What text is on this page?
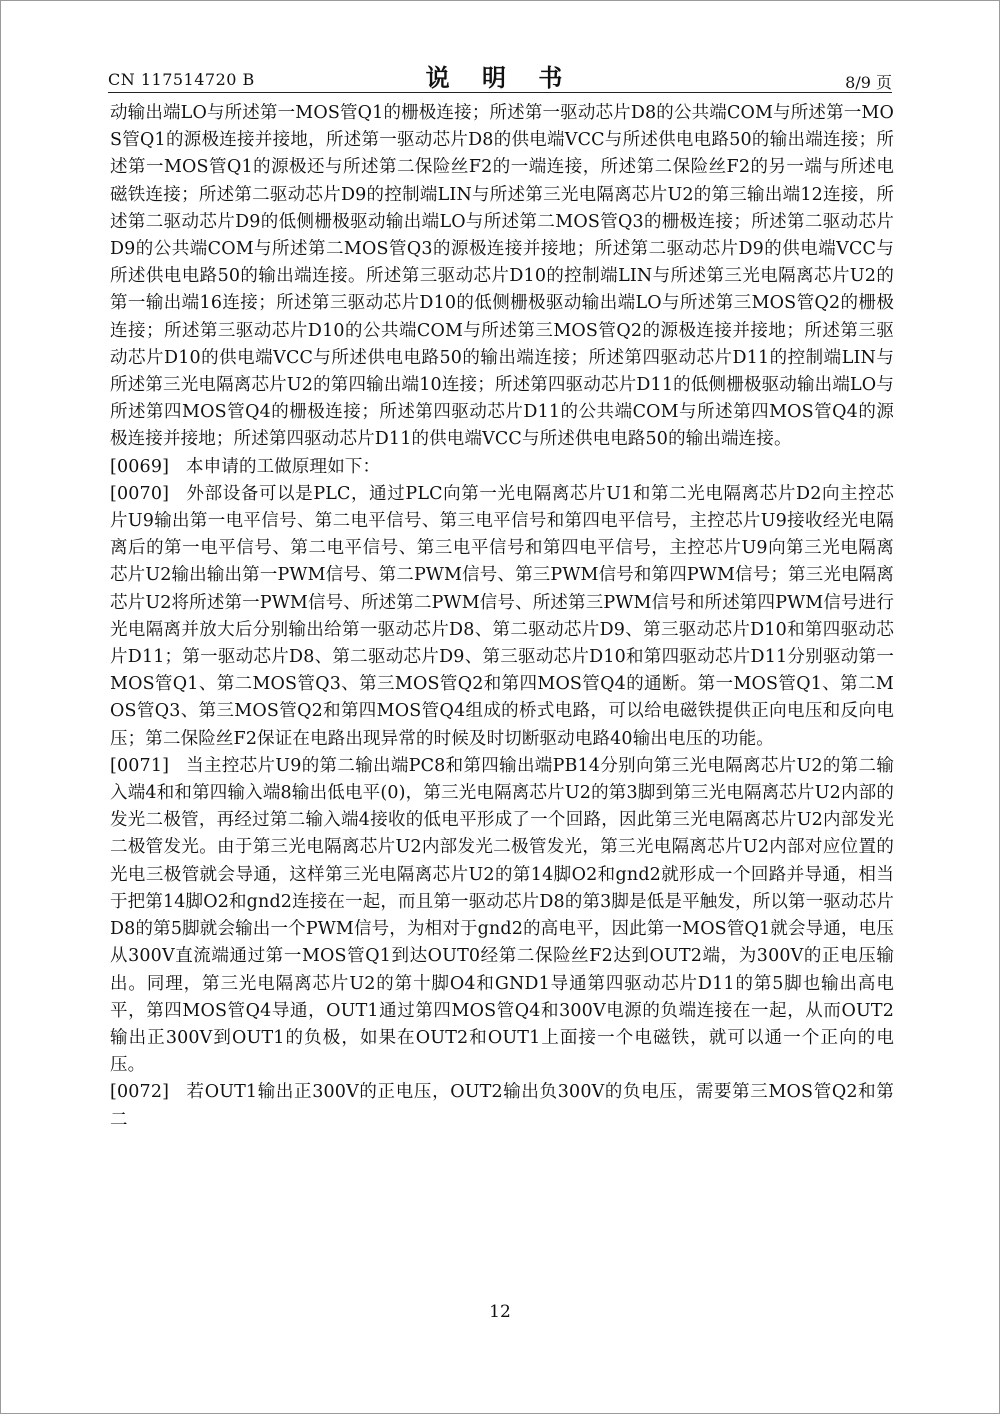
CN 117514720 B	说 明 书	8/9 页

动输出端LO与所述第一MOS管Q1的栅极连接；所述第一驱动芯片D8的公共端COM与所述第一MOS管Q1的源极连接并接地，所述第一驱动芯片D8的供电端VCC与所述供电电路50的输出端连接；所述第一MOS管Q1的源极还与所述第二保险丝F2的一端连接，所述第二保险丝F2的另一端与所述电磁铁连接；所述第二驱动芯片D9的控制端LIN与所述第三光电隔离芯片U2的第三输出端12连接，所述第二驱动芯片D9的低侧栅极驱动输出端LO与所述第二MOS管Q3的栅极连接；所述第二驱动芯片D9的公共端COM与所述第二MOS管Q3的源极连接并接地；所述第二驱动芯片D9的供电端VCC与所述供电电路50的输出端连接。所述第三驱动芯片D10的控制端LIN与所述第三光电隔离芯片U2的第一输出端16连接；所述第三驱动芯片D10的低侧栅极驱动输出端LO与所述第三MOS管Q2的栅极连接；所述第三驱动芯片D10的公共端COM与所述第三MOS管Q2的源极连接并接地；所述第三驱动芯片D10的供电端VCC与所述供电电路50的输出端连接；所述第四驱动芯片D11的控制端LIN与所述第三光电隔离芯片U2的第四输出端10连接；所述第四驱动芯片D11的低侧栅极驱动输出端LO与所述第四MOS管Q4的栅极连接；所述第四驱动芯片D11的公共端COM与所述第四MOS管Q4的源极连接并接地；所述第四驱动芯片D11的供电端VCC与所述供电电路50的输出端连接。

[0069] 本申请的工做原理如下：

[0070] 外部设备可以是PLC，通过PLC向第一光电隔离芯片U1和第二光电隔离芯片D2向主控芯片U9输出第一电平信号、第二电平信号、第三电平信号和第四电平信号，主控芯片U9接收经光电隔离后的第一电平信号、第二电平信号、第三电平信号和第四电平信号，主控芯片U9向第三光电隔离芯片U2输出输出第一PWM信号、第二PWM信号、第三PWM信号和第四PWM信号；第三光电隔离芯片U2将所述第一PWM信号、所述第二PWM信号、所述第三PWM信号和所述第四PWM信号进行光电隔离并放大后分别输出给第一驱动芯片D8、第二驱动芯片D9、第三驱动芯片D10和第四驱动芯片D11；第一驱动芯片D8、第二驱动芯片D9、第三驱动芯片D10和第四驱动芯片D11分别驱动第一MOS管Q1、第二MOS管Q3、第三MOS管Q2和第四MOS管Q4的通断。第一MOS管Q1、第二MOS管Q3、第三MOS管Q2和第四MOS管Q4组成的桥式电路，可以给电磁铁提供正向电压和反向电压；第二保险丝F2保证在电路出现异常的时候及时切断驱动电路40输出电压的功能。

[0071] 当主控芯片U9的第二输出端PC8和第四输出端PB14分别向第三光电隔离芯片U2的第二输入端4和和第四输入端8输出低电平(0)，第三光电隔离芯片U2的第3脚到第三光电隔离芯片U2内部的发光二极管，再经过第二输入端4接收的低电平形成了一个回路，因此第三光电隔离芯片U2内部发光二极管发光。由于第三光电隔离芯片U2内部发光二极管发光，第三光电隔离芯片U2内部对应位置的光电三极管就会导通，这样第三光电隔离芯片U2的第14脚O2和gnd2就形成一个回路并导通，相当于把第14脚O2和gnd2连接在一起，而且第一驱动芯片D8的第3脚是低是平触发，所以第一驱动芯片D8的第5脚就会输出一个PWM信号，为相对于gnd2的高电平，因此第一MOS管Q1就会导通，电压从300V直流端通过第一MOS管Q1到达OUT0经第二保险丝F2达到OUT2端，为300V的正电压输出。同理，第三光电隔离芯片U2的第十脚O4和GND1导通第四驱动芯片D11的第5脚也输出高电平，第四MOS管Q4导通，OUT1通过第四MOS管Q4和300V电源的负端连接在一起，从而OUT2输出正300V到OUT1的负极，如果在OUT2和OUT1上面接一个电磁铁，就可以通一个正向的电压。

[0072] 若OUT1输出正300V的正电压，OUT2输出负300V的负电压，需要第三MOS管Q2和第二

12
